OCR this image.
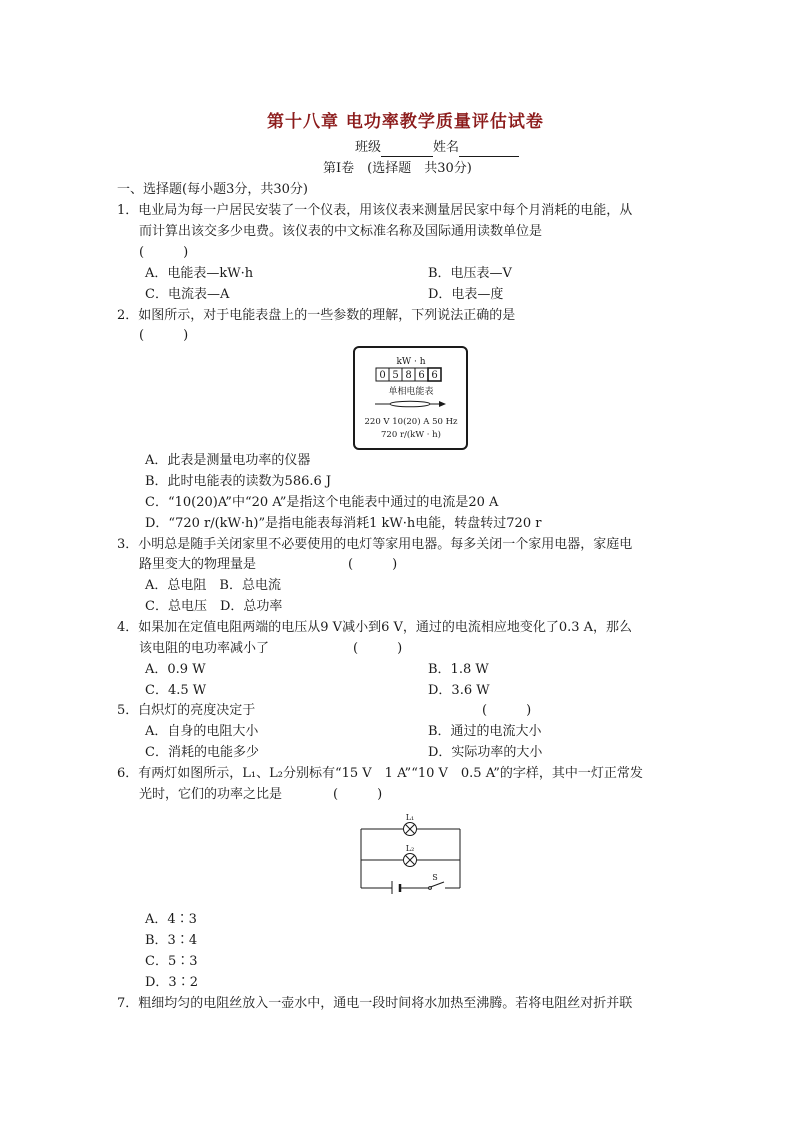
第十八章 电功率教学质量评估试卷
班级	姓名
第Ⅰ卷　(选择题　共30分)
一、选择题(每小题3分，共30分)
1．电业局为每一户居民安装了一个仪表，用该仪表来测量居民家中每个月消耗的电能，从
而计算出该交多少电费。该仪表的中文标准名称及国际通用读数单位是
(　　　)
A．电能表—kW·h	B．电压表—V
C．电流表—A	D．电表—度
2．如图所示，对于电能表盘上的一些参数的理解，下列说法正确的是
(　　　)
kW · h
0 5 8 6 6
单相电能表
220 V 10(20) A 50 Hz
720 r/(kW · h)
A．此表是测量电功率的仪器
B．此时电能表的读数为586.6 J
C．“10(20)A”中“20 A”是指这个电能表中通过的电流是20 A
D．“720 r/(kW·h)”是指电能表每消耗1 kW·h电能，转盘转过720 r
3．小明总是随手关闭家里不必要使用的电灯等家用电器。每多关闭一个家用电器，家庭电
路里变大的物理量是	(　　　)
A．总电阻　B．总电流
C．总电压　D．总功率
4．如果加在定值电阻两端的电压从9 V减小到6 V，通过的电流相应地变化了0.3 A，那么
该电阻的电功率减小了	(　　　)
A．0.9 W	B．1.8 W
C．4.5 W	D．3.6 W
5．白炽灯的亮度决定于	(　　　)
A．自身的电阻大小	B．通过的电流大小
C．消耗的电能多少	D．实际功率的大小
6．有两灯如图所示，L₁、L₂分别标有“15 V　1 A”“10 V　0.5 A”的字样，其中一灯正常发
光时，它们的功率之比是	(　　　)
L₁
L₂
S
A．4∶3
B．3∶4
C．5∶3
D．3∶2
7．粗细均匀的电阻丝放入一壶水中，通电一段时间将水加热至沸腾。若将电阻丝对折并联
